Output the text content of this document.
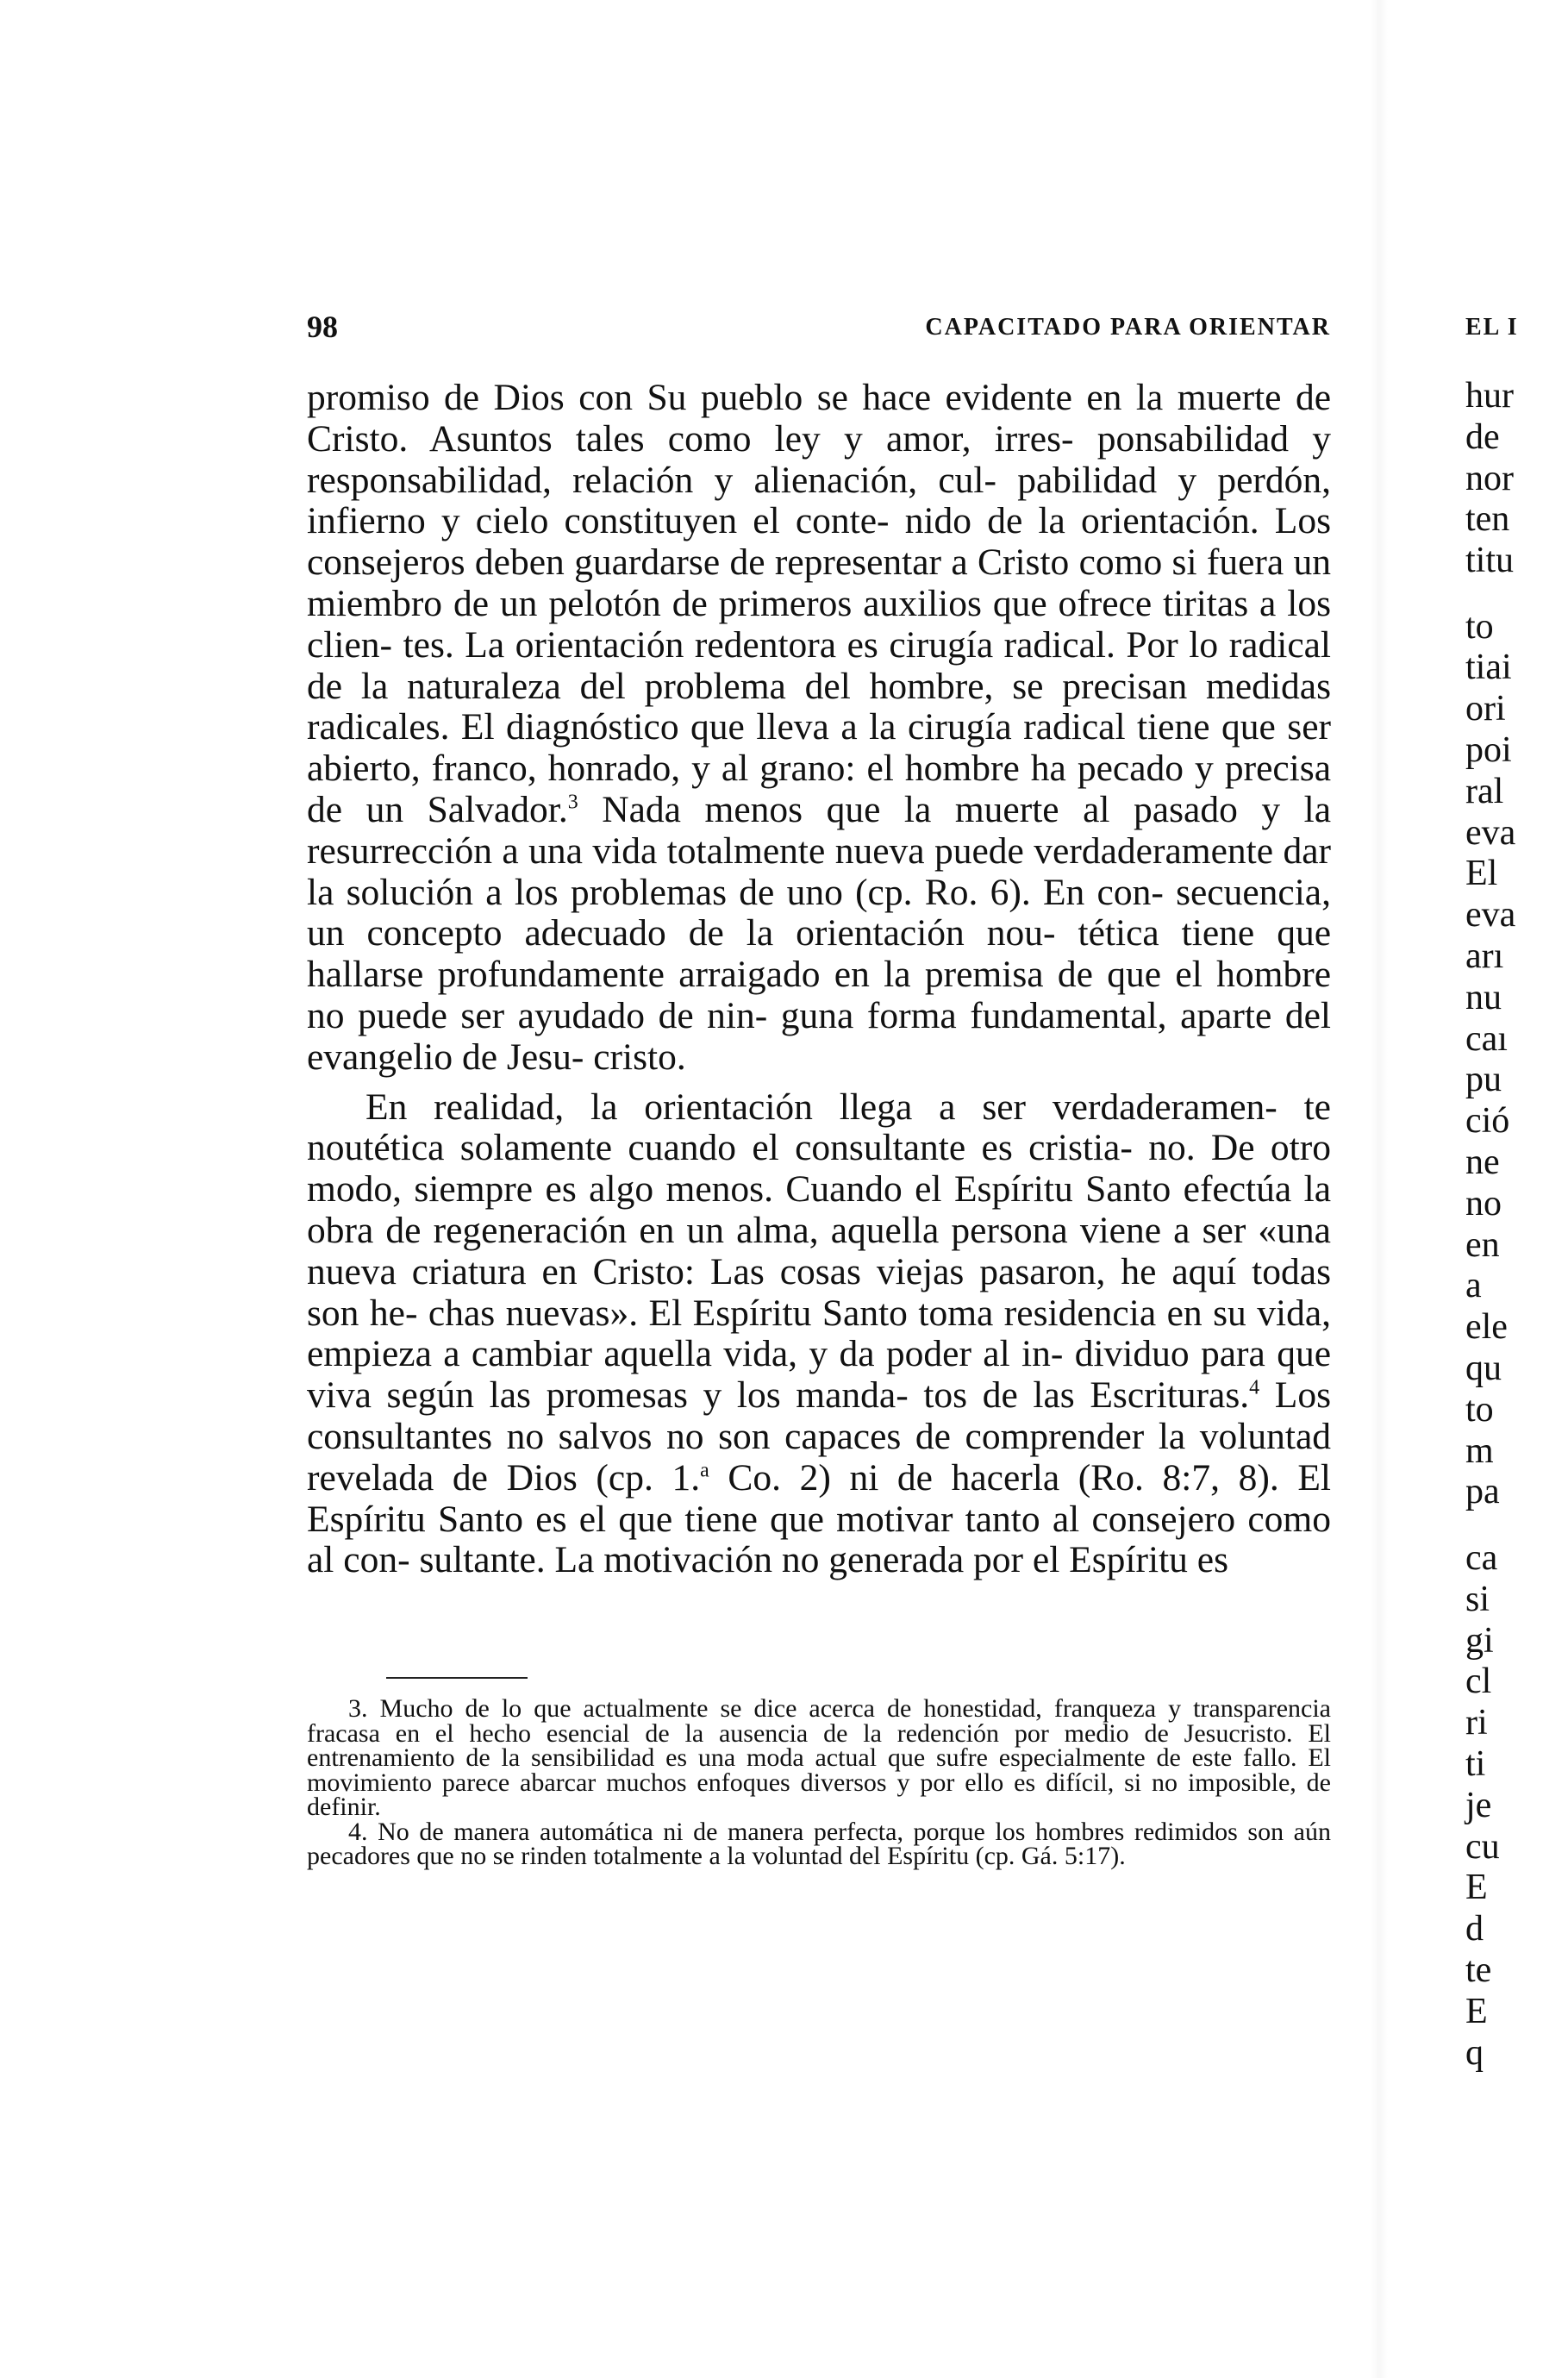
98	CAPACITADO PARA ORIENTAR

promiso de Dios con Su pueblo se hace evidente en la muerte de Cristo. Asuntos tales como ley y amor, irres- ponsabilidad y responsabilidad, relación y alienación, cul- pabilidad y perdón, infierno y cielo constituyen el conte- nido de la orientación. Los consejeros deben guardarse de representar a Cristo como si fuera un miembro de un pelotón de primeros auxilios que ofrece tiritas a los clien- tes. La orientación redentora es cirugía radical. Por lo radical de la naturaleza del problema del hombre, se precisan medidas radicales. El diagnóstico que lleva a la cirugía radical tiene que ser abierto, franco, honrado, y al grano: el hombre ha pecado y precisa de un Salvador.$^3$ Nada menos que la muerte al pasado y la resurrección a una vida totalmente nueva puede verdaderamente dar la solución a los problemas de uno (cp. Ro. 6). En con- secuencia, un concepto adecuado de la orientación nou- tética tiene que hallarse profundamente arraigado en la premisa de que el hombre no puede ser ayudado de nin- guna forma fundamental, aparte del evangelio de Jesu- cristo.

En realidad, la orientación llega a ser verdaderamen- te noutética solamente cuando el consultante es cristia- no. De otro modo, siempre es algo menos. Cuando el Espíritu Santo efectúa la obra de regeneración en un alma, aquella persona viene a ser «una nueva criatura en Cristo: Las cosas viejas pasaron, he aquí todas son he- chas nuevas». El Espíritu Santo toma residencia en su vida, empieza a cambiar aquella vida, y da poder al in- dividuo para que viva según las promesas y los manda- tos de las Escrituras.$^4$ Los consultantes no salvos no son capaces de comprender la voluntad revelada de Dios (cp. 1.$^a$ Co. 2) ni de hacerla (Ro. 8:7, 8). El Espíritu Santo es el que tiene que motivar tanto al consejero como al con- sultante. La motivación no generada por el Espíritu es

3. Mucho de lo que actualmente se dice acerca de honestidad, franqueza y transparencia fracasa en el hecho esencial de la ausencia de la redención por medio de Jesucristo. El entrenamiento de la sensibilidad es una moda actual que sufre especialmente de este fallo. El movimiento parece abarcar muchos enfoques diversos y por ello es difícil, si no imposible, de definir.

4. No de manera automática ni de manera perfecta, porque los hombres redimidos son aún pecadores que no se rinden totalmente a la voluntad del Espíritu (cp. Gá. 5:17).

EL I
hur
de
nor
ten
titu
to
tiai
ori
poi
ral
eva
El
eva
arı
nu
caı
pu
ció
ne
no
en
a
ele
qu
to
m
pa
ca
si
gi
cl
ri
ti
je
cu
E
d
te
E
q
